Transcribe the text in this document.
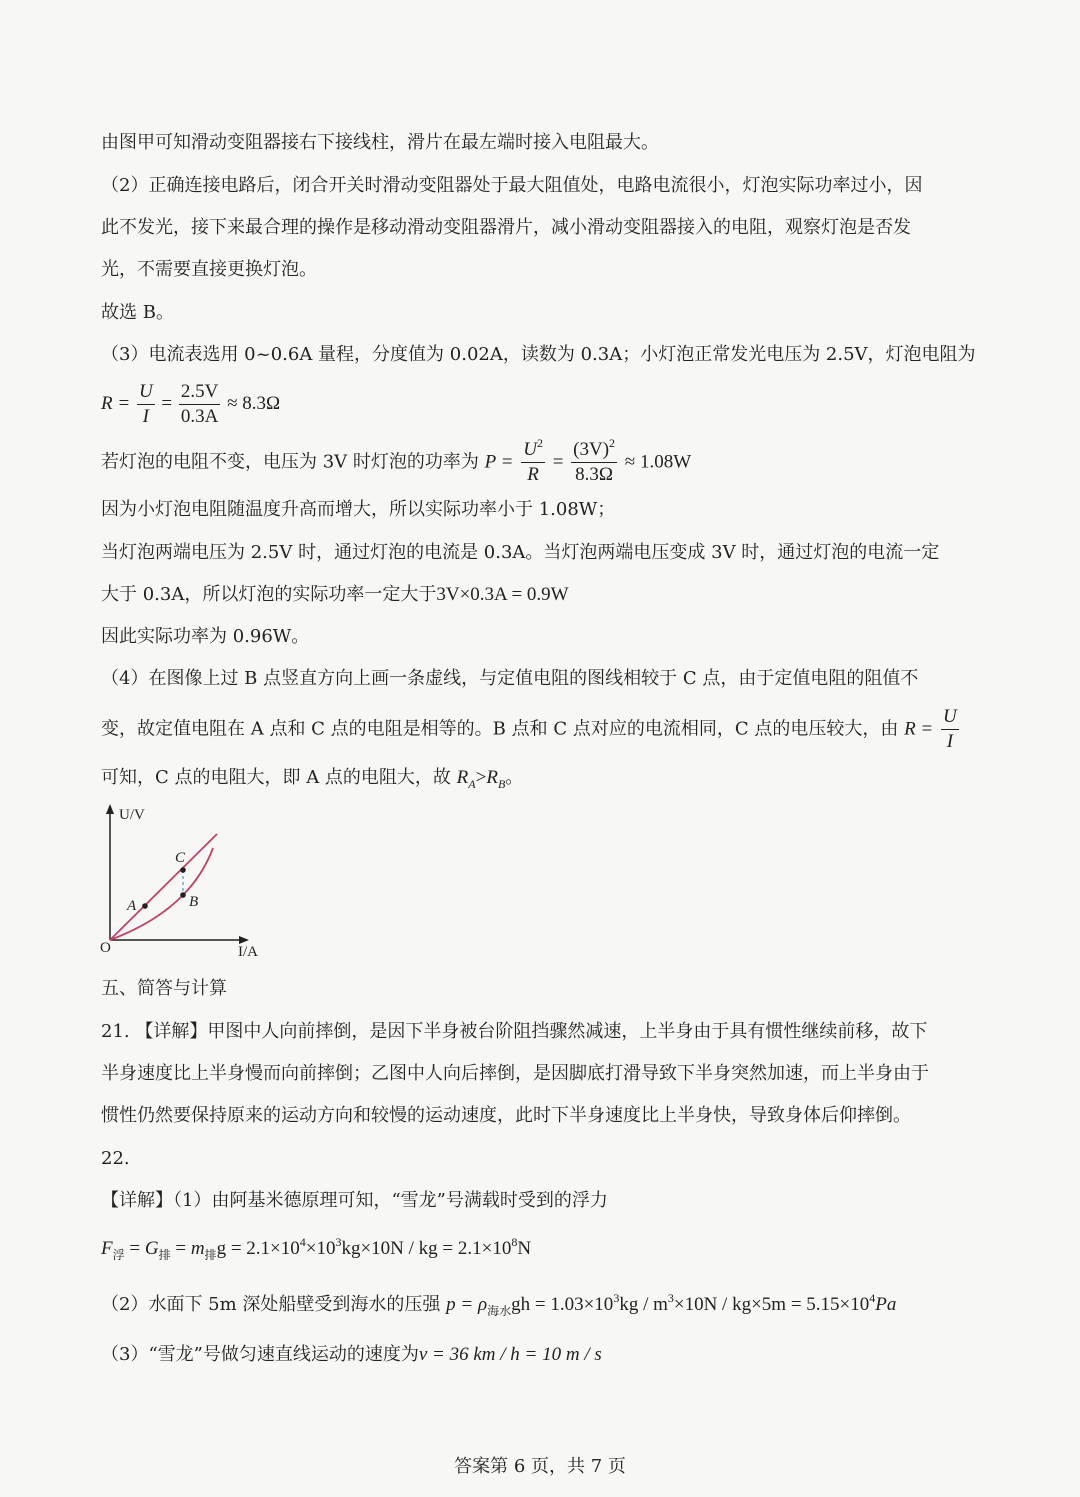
由图甲可知滑动变阻器接右下接线柱，滑片在最左端时接入电阻最大。
（2）正确连接电路后，闭合开关时滑动变阻器处于最大阻值处，电路电流很小，灯泡实际功率过小，因
此不发光，接下来最合理的操作是移动滑动变阻器滑片，减小滑动变阻器接入的电阻，观察灯泡是否发
光，不需要直接更换灯泡。
故选 B。
（3）电流表选用 0~0.6A 量程，分度值为 0.02A，读数为 0.3A；小灯泡正常发光电压为 2.5V，灯泡电阻为
$R = \frac{U}{I} = \frac{2.5V}{0.3A} \approx 8.3\Omega$
若灯泡的电阻不变，电压为 3V 时灯泡的功率为 $P = \frac{U^2}{R} = \frac{(3V)^2}{8.3\Omega} \approx 1.08W$
因为小灯泡电阻随温度升高而增大，所以实际功率小于 1.08W；
当灯泡两端电压为 2.5V 时，通过灯泡的电流是 0.3A。当灯泡两端电压变成 3V 时，通过灯泡的电流一定
大于 0.3A，所以灯泡的实际功率一定大于3V×0.3A = 0.9W
因此实际功率为 0.96W。
（4）在图像上过 B 点竖直方向上画一条虚线，与定值电阻的图线相较于 C 点，由于定值电阻的阻值不
变，故定值电阻在 A 点和 C 点的电阻是相等的。B 点和 C 点对应的电流相同，C 点的电压较大，由 $R = \frac{U}{I}$
可知，C 点的电阻大，即 A 点的电阻大，故 $R_A>R_B$。
U/V
I/A
O
A
C
B
五、简答与计算
21. 【详解】甲图中人向前摔倒，是因下半身被台阶阻挡骤然减速，上半身由于具有惯性继续前移，故下
半身速度比上半身慢而向前摔倒；乙图中人向后摔倒，是因脚底打滑导致下半身突然加速，而上半身由于
惯性仍然要保持原来的运动方向和较慢的运动速度，此时下半身速度比上半身快，导致身体后仰摔倒。
22.
【详解】（1）由阿基米德原理可知，“雪龙”号满载时受到的浮力
$F_浮 = G_排 = m_排g = 2.1\times 10^4\times 10^3kg\times 10N$ / kg = $2.1\times 10^8N$
（2）水面下 5m 深处船壁受到海水的压强 $p = \rho_{海水}gh = 1.03\times 10^3kg / m^3\times 10N / kg\times 5m = 5.15\times 10^4Pa$
（3）“雪龙”号做匀速直线运动的速度为v = 36 km / h = 10 m / s
答案第 6 页，共 7 页
